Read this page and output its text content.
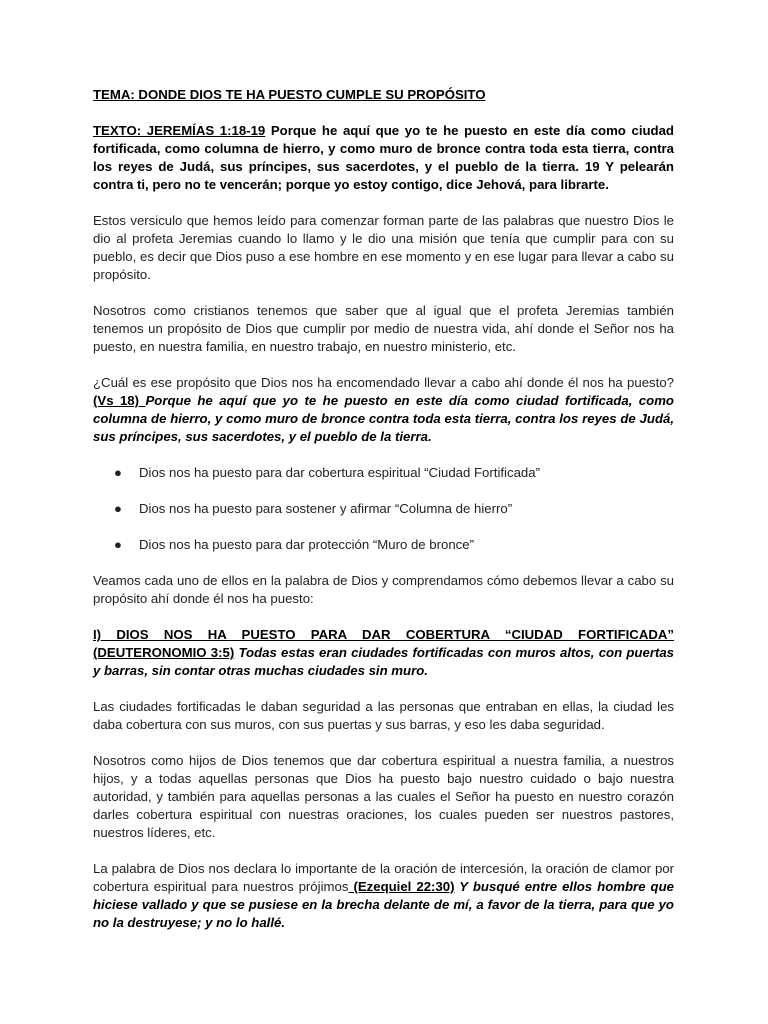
TEMA: DONDE DIOS TE HA PUESTO CUMPLE SU PROPÓSITO

TEXTO: JEREMÍAS 1:18-19 Porque he aquí que yo te he puesto en este día como ciudad fortificada, como columna de hierro, y como muro de bronce contra toda esta tierra, contra los reyes de Judá, sus príncipes, sus sacerdotes, y el pueblo de la tierra. 19 Y pelearán contra ti, pero no te vencerán; porque yo estoy contigo, dice Jehová, para librarte.

Estos versiculo que hemos leído para comenzar forman parte de las palabras que nuestro Dios le dio al profeta Jeremias cuando lo llamo y le dio una misión que tenía que cumplir para con su pueblo, es decir que Dios puso a ese hombre en ese momento y en ese lugar para llevar a cabo su propósito.

Nosotros como cristianos tenemos que saber que al igual que el profeta Jeremias también tenemos un propósito de Dios que cumplir por medio de nuestra vida, ahí donde el Señor nos ha puesto, en nuestra familia, en nuestro trabajo, en nuestro ministerio, etc.

¿Cuál es ese propósito que Dios nos ha encomendado llevar a cabo ahí donde él nos ha puesto? (Vs 18) Porque he aquí que yo te he puesto en este día como ciudad fortificada, como columna de hierro, y como muro de bronce contra toda esta tierra, contra los reyes de Judá, sus príncipes, sus sacerdotes, y el pueblo de la tierra.

● Dios nos ha puesto para dar cobertura espiritual “Ciudad Fortificada”
● Dios nos ha puesto para sostener y afirmar “Columna de hierro”
● Dios nos ha puesto para dar protección “Muro de bronce”

Veamos cada uno de ellos en la palabra de Dios y comprendamos cómo debemos llevar a cabo su propósito ahí donde él nos ha puesto:

I) DIOS NOS HA PUESTO PARA DAR COBERTURA “CIUDAD FORTIFICADA” (DEUTERONOMIO 3:5) Todas estas eran ciudades fortificadas con muros altos, con puertas y barras, sin contar otras muchas ciudades sin muro.

Las ciudades fortificadas le daban seguridad a las personas que entraban en ellas, la ciudad les daba cobertura con sus muros, con sus puertas y sus barras, y eso les daba seguridad.

Nosotros como hijos de Dios tenemos que dar cobertura espiritual a nuestra familia, a nuestros hijos, y a todas aquellas personas que Dios ha puesto bajo nuestro cuidado o bajo nuestra autoridad, y también para aquellas personas a las cuales el Señor ha puesto en nuestro corazón darles cobertura espiritual con nuestras oraciones, los cuales pueden ser nuestros pastores, nuestros líderes, etc.

La palabra de Dios nos declara lo importante de la oración de intercesión, la oración de clamor por cobertura espiritual para nuestros prójimos (Ezequiel 22:30) Y busqué entre ellos hombre que hiciese vallado y que se pusiese en la brecha delante de mí, a favor de la tierra, para que yo no la destruyese; y no lo hallé.
